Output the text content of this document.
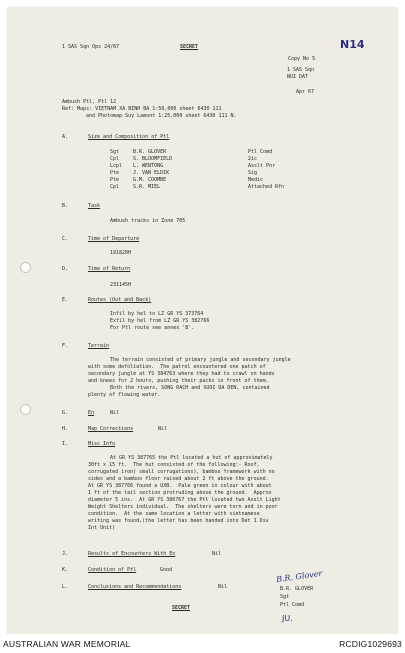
1 SAS Sqn Ops 24/67	SECRET
Copy No 5
N14
1 SAS Sqn
NUI DAT
Apr 67
Ambush Ptl, Ptl 12
Ref: Maps: VIETNAM XA BINH BA 1:50,000 sheet 6430 111
and Photomap Suy Lamont 1:25,000 sheet 6430 111 N.
A.	Size and Composition of Ptl
Sgt	B.R. GLOVER	Ptl Comd
Cpl	S. BLOOMFIELD	2ic
Lcpl L. WENTONG	Asslt Pnr
Pte	J. VAN ELDIK	Sig
Pte	G.M. COOMBE	Medic
Cpl	S.R. MIEL	Attached Rfn
B.	Task
Ambush tracks in Zone 705
C.	Time of Departure
191820H
D.	Time of Return
231145H
E.	Routes (Out and Back)
Infil by hel to LZ GR YS 373764
Exfil by hel from LZ GR YS 382766
For Ptl route see annex 'B'.
F.	Terrain
The terrain consisted of primary jungle and secondary jungle
with some defoliation.  The patrol encountered one patch of
secondary jungle at YS 384763 where they had to crawl on hands
and knees for 2 hours, pushing their packs in front of them.
Both the rivers, SONG RACH and SUOI DA DEN, contained
plenty of flowing water.
G.	En	Nil
H.	Map Corrections	Nil
I.	Misc Info
At GR YS 387765 the Ptl located a hut of approximately
30ft x 15 ft.  The hut consisted of the following:- Roof,
corrugated iron( small corrugations), bamboo framework with no
sides and a bamboo floor raised about 2 ft above the ground.
At GR YS 387766 found a UXB.  Pale green in colour with about
1 ft of the tail section protruding above the ground.  Approx
diameter 5 ins.  At GR YS 386767 the Ptl located two Asslt Light
Weight Shelters individual.  The shelters were torn and in poor
condition.  At the same location a letter with vietnamese
writing was found,(the letter has been handed into Det 1 Div
Int Unit)
J.	Results of Encounters With En	Nil
K.	Condition of Ptl	Good
L.	Conclusions and Recommendations	Nil
B.R. Glover
B.R. GLOVER
Sgt
Ptl Comd
JU.
SECRET
AUSTRALIAN WAR MEMORIAL	RCDIG1029693
